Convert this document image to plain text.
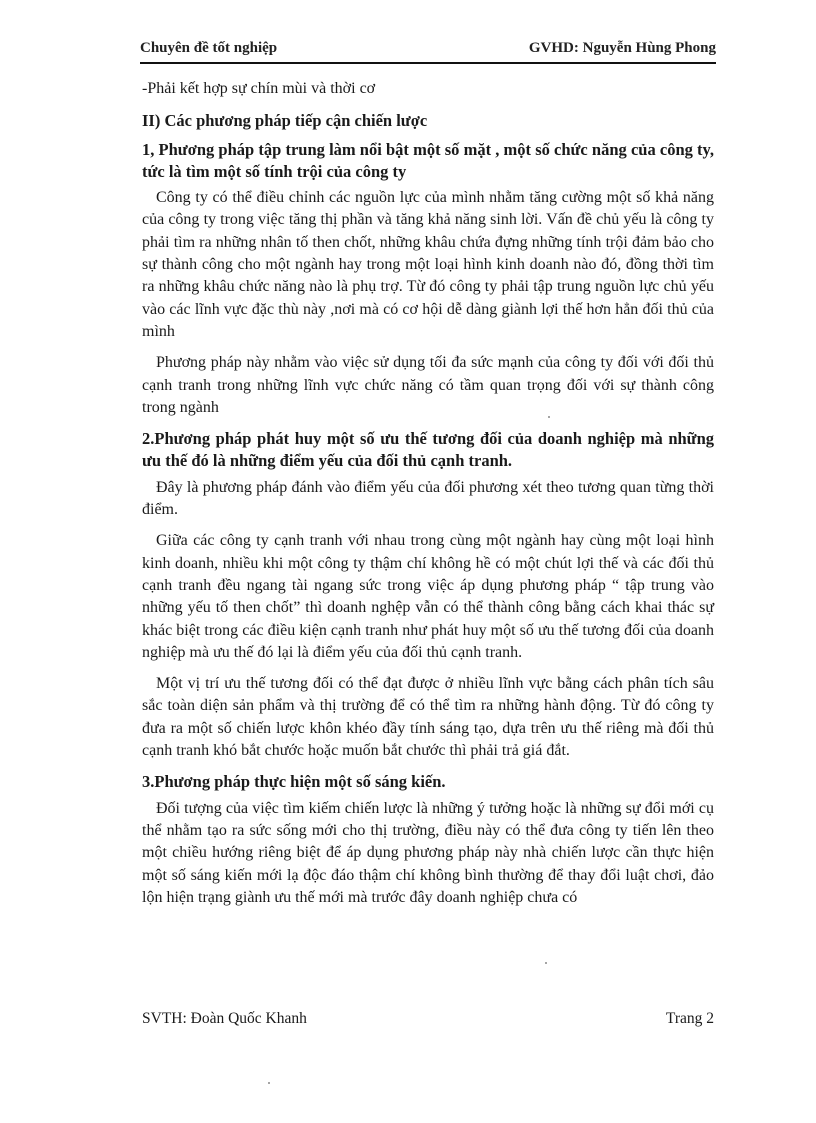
Chuyên đề tốt nghiệp	GVHD: Nguyễn Hùng Phong

-Phải kết hợp sự chín mùi và thời cơ

II) Các phương pháp tiếp cận chiến lược

1, Phương pháp tập trung làm nổi bật một số mặt , một số chức năng của công ty, tức là tìm một số tính trội của công ty

Công ty có thể điều chỉnh các nguồn lực của mình nhằm tăng cường một số khả năng của công ty trong việc tăng thị phần và tăng khả năng sinh lời. Vấn đề chủ yếu là công ty phải tìm ra những nhân tố then chốt, những khâu chứa đựng những tính trội đảm bảo cho sự thành công cho một ngành hay trong một loại hình kinh doanh nào đó, đồng thời tìm ra những khâu chức năng nào là phụ trợ. Từ đó công ty phải tập trung nguồn lực chủ yếu vào các lĩnh vực đặc thù này ,nơi mà có cơ hội dễ dàng giành lợi thế hơn hẳn đối thủ của mình

Phương pháp này nhằm vào việc sử dụng tối đa sức mạnh của công ty đối với đối thủ cạnh tranh trong những lĩnh vực chức năng có tầm quan trọng đối với sự thành công trong ngành

2.Phương pháp phát huy một số ưu thế tương đối của doanh nghiệp mà những ưu thế đó là những điểm yếu của đối thủ cạnh tranh.

Đây là phương pháp đánh vào điểm yếu của đối phương xét theo tương quan từng thời điểm.

Giữa các công ty cạnh tranh với nhau trong cùng một ngành hay cùng một loại hình kinh doanh, nhiều khi một công ty thậm chí không hề có một chút lợi thế và các đối thủ cạnh tranh đều ngang tài ngang sức trong việc áp dụng phương pháp “ tập trung vào những yếu tố then chốt” thì doanh nghệp vẫn có thể thành công bằng cách khai thác sự khác biệt trong các điều kiện cạnh tranh như phát huy một số ưu thế tương đối của doanh nghiệp mà ưu thế đó lại là điểm yếu của đối thủ cạnh tranh.

Một vị trí ưu thế tương đối có thể đạt được ở nhiều lĩnh vực bằng cách phân tích sâu sắc toàn diện sản phẩm và thị trường để có thể tìm ra những hành động. Từ đó công ty đưa ra một số chiến lược khôn khéo đầy tính sáng tạo, dựa trên ưu thế riêng mà đối thủ cạnh tranh khó bắt chước hoặc muốn bắt chước thì phải trả giá đắt.

3.Phương pháp thực hiện một số sáng kiến.

Đối tượng của việc tìm kiếm chiến lược là những ý tưởng hoặc là những sự đổi mới cụ thể nhằm tạo ra sức sống mới cho thị trường, điều này có thể đưa công ty tiến lên theo một chiều hướng riêng biệt để áp dụng phương pháp này nhà chiến lược cần thực hiện một số sáng kiến mới lạ độc đáo thậm chí không bình thường để thay đổi luật chơi, đảo lộn hiện trạng giành ưu thế mới mà trước đây doanh nghiệp chưa có

SVTH: Đoàn Quốc Khanh	Trang 2
